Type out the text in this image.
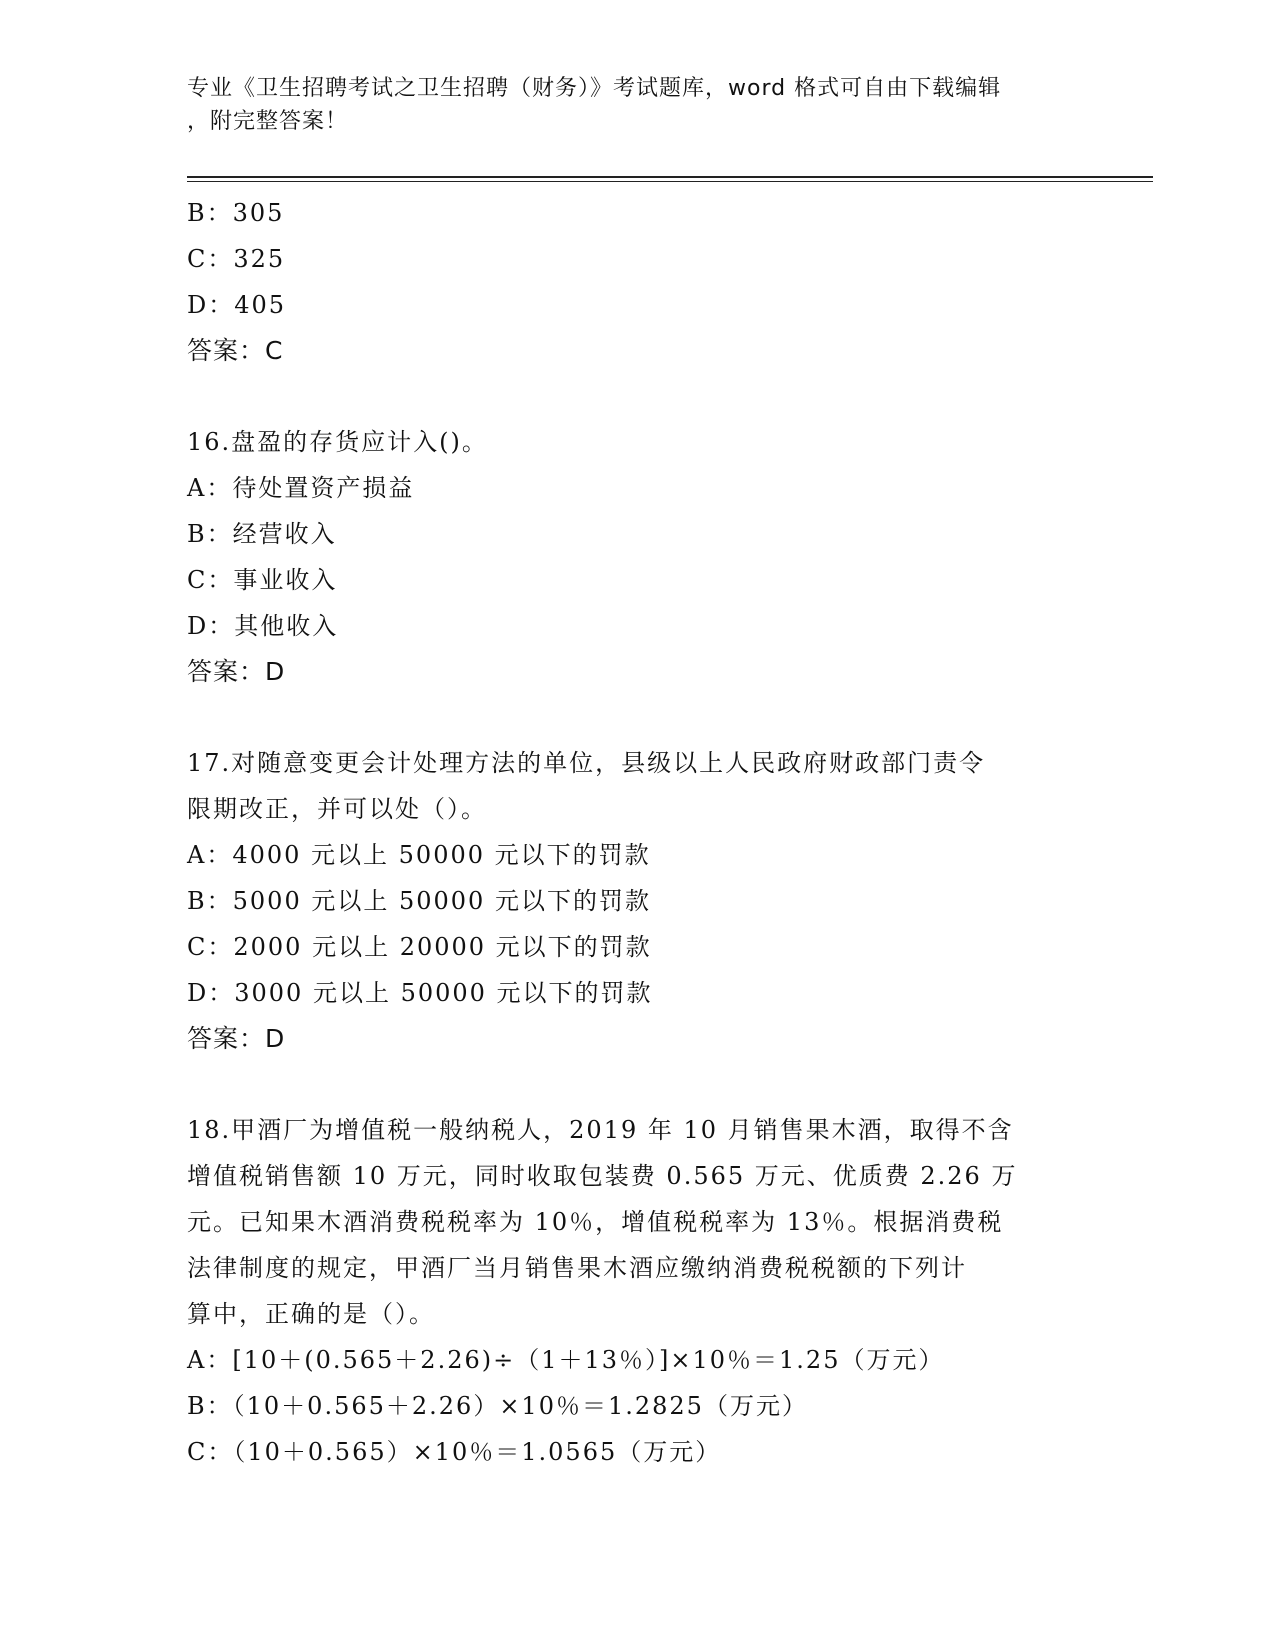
专业《卫生招聘考试之卫生招聘（财务）》考试题库，word 格式可自由下载编辑
，附完整答案！
B：305
C：325
D：405
答案：C
16.盘盈的存货应计入()。
A：待处置资产损益
B：经营收入
C：事业收入
D：其他收入
答案：D
17.对随意变更会计处理方法的单位，县级以上人民政府财政部门责令
限期改正，并可以处（）。
A：4000 元以上 50000 元以下的罚款
B：5000 元以上 50000 元以下的罚款
C：2000 元以上 20000 元以下的罚款
D：3000 元以上 50000 元以下的罚款
答案：D
18.甲酒厂为增值税一般纳税人，2019 年 10 月销售果木酒，取得不含
增值税销售额 10 万元，同时收取包装费 0.565 万元、优质费 2.26 万
元。已知果木酒消费税税率为 10％，增值税税率为 13％。根据消费税
法律制度的规定，甲酒厂当月销售果木酒应缴纳消费税税额的下列计
算中，正确的是（）。
A：[10＋(0.565＋2.26)÷（1＋13％）]×10％＝1.25（万元）
B：（10＋0.565＋2.26）×10％＝1.2825（万元）
C：（10＋0.565）×10％＝1.0565（万元）
